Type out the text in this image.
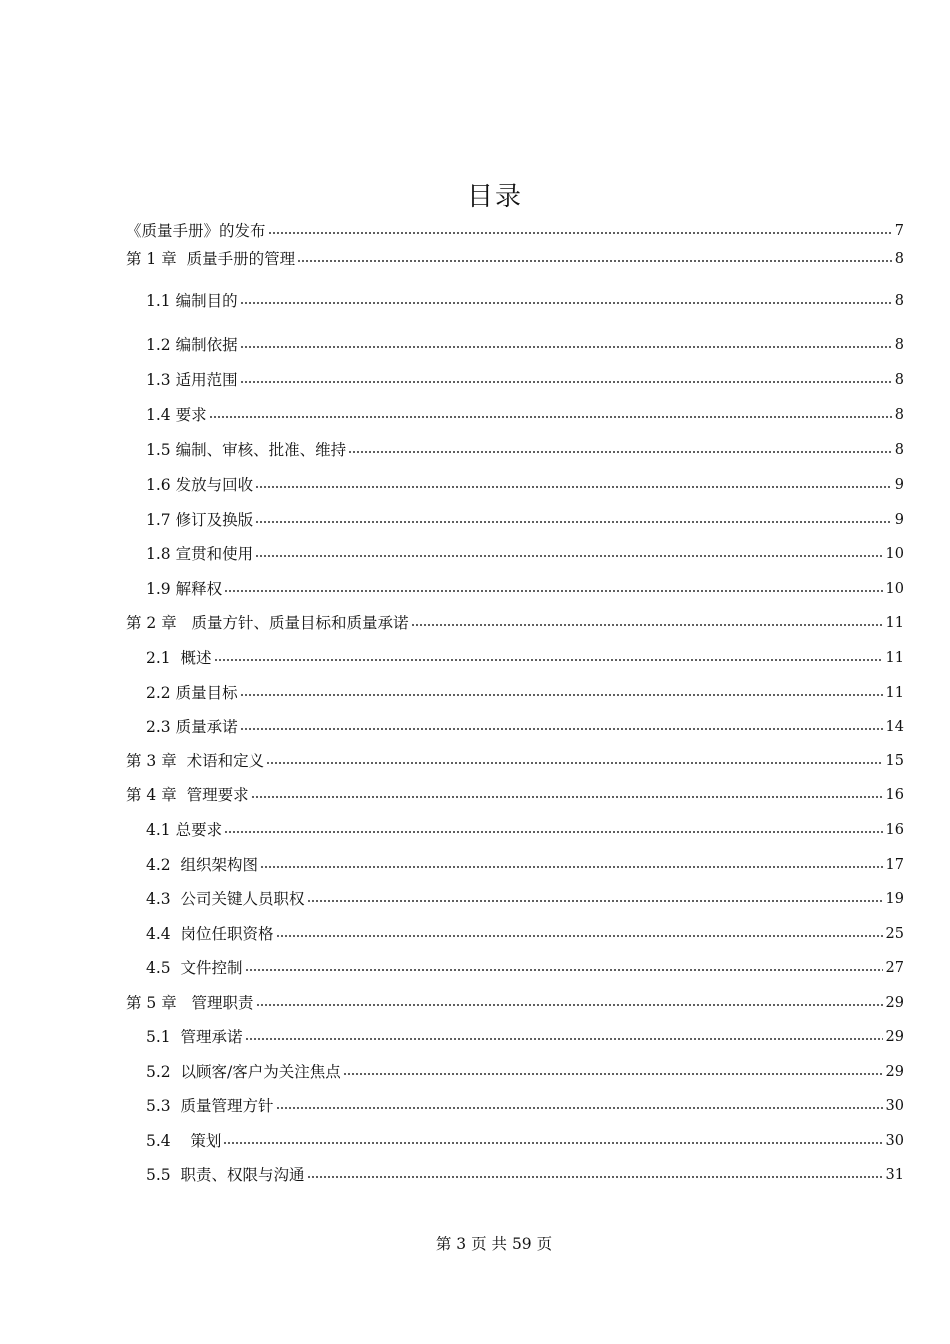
目录
《质量手册》的发布	7
第 1 章  质量手册的管理	8
1.1 编制目的	8
1.2 编制依据	8
1.3 适用范围	8
1.4 要求	8
1.5 编制、审核、批准、维持	8
1.6 发放与回收	9
1.7 修订及换版	9
1.8 宣贯和使用	10
1.9 解释权	10
第 2 章   质量方针、质量目标和质量承诺	11
2.1  概述	11
2.2 质量目标	11
2.3 质量承诺	14
第 3 章  术语和定义	15
第 4 章  管理要求	16
4.1 总要求	16
4.2  组织架构图	17
4.3  公司关键人员职权	19
4.4  岗位任职资格	25
4.5  文件控制	27
第 5 章   管理职责	29
5.1  管理承诺	29
5.2  以顾客/客户为关注焦点	29
5.3  质量管理方针	30
5.4    策划	30
5.5  职责、权限与沟通	31
第 3 页 共 59 页
